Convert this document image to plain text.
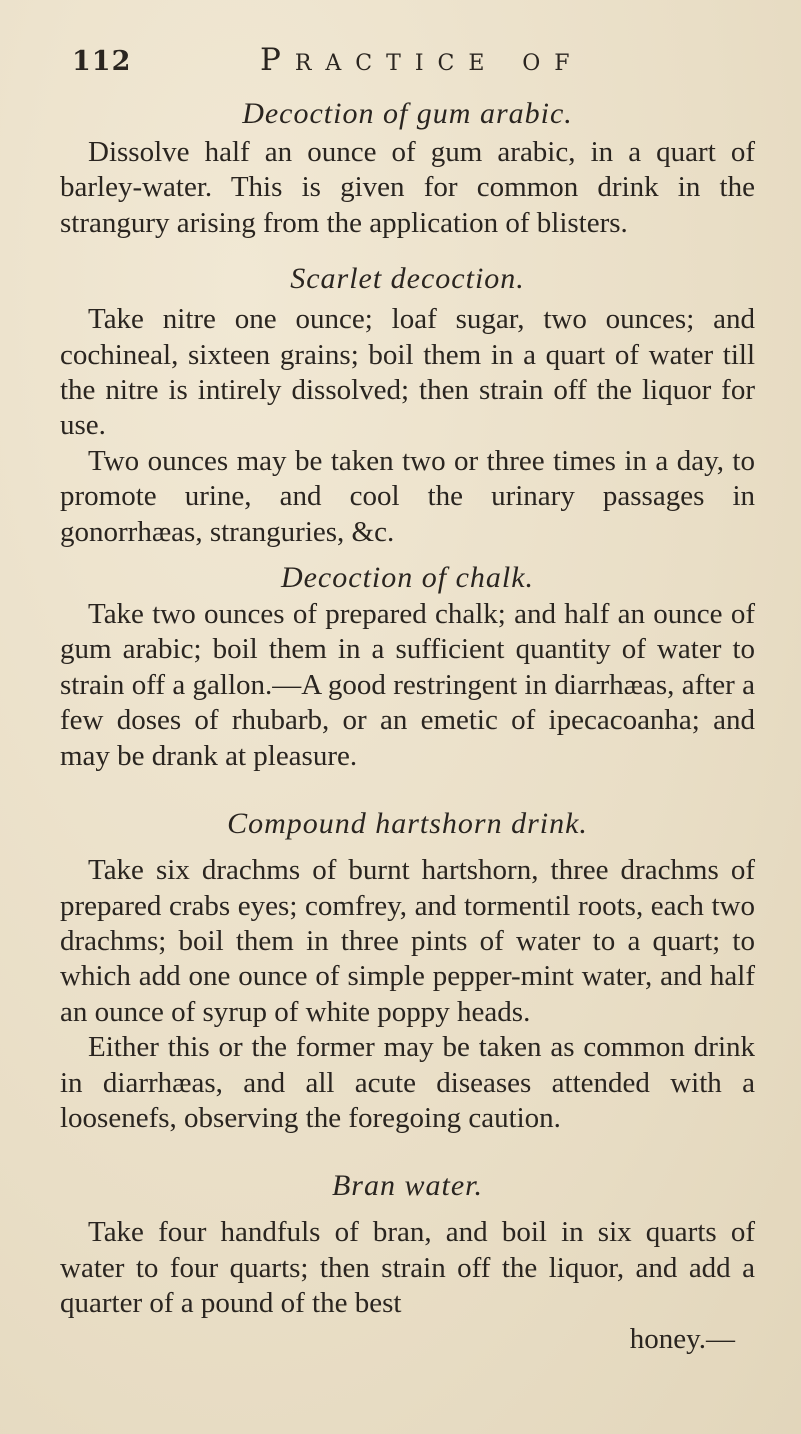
112	Practice of
Decoction of gum arabic.

Dissolve half an ounce of gum arabic, in a quart of barley-water. This is given for common drink in the strangury arising from the application of blisters.

Scarlet decoction.

Take nitre one ounce; loaf sugar, two ounces; and cochineal, sixteen grains; boil them in a quart of water till the nitre is intirely dissolved; then strain off the liquor for use.

Two ounces may be taken two or three times in a day, to promote urine, and cool the urinary passages in gonorrhæas, stranguries, &c.

Decoction of chalk.

Take two ounces of prepared chalk; and half an ounce of gum arabic; boil them in a sufficient quantity of water to strain off a gallon.—A good restringent in diarrhæas, after a few doses of rhubarb, or an emetic of ipecacoanha; and may be drank at pleasure.

Compound hartshorn drink.

Take six drachms of burnt hartshorn, three drachms of prepared crabs eyes; comfrey, and tormentil roots, each two drachms; boil them in three pints of water to a quart; to which add one ounce of simple pepper-mint water, and half an ounce of syrup of white poppy heads.

Either this or the former may be taken as common drink in diarrhæas, and all acute diseases attended with a loosenefs, observing the foregoing caution.

Bran water.

Take four handfuls of bran, and boil in six quarts of water to four quarts; then strain off the liquor, and add a quarter of a pound of the best

honey.—
